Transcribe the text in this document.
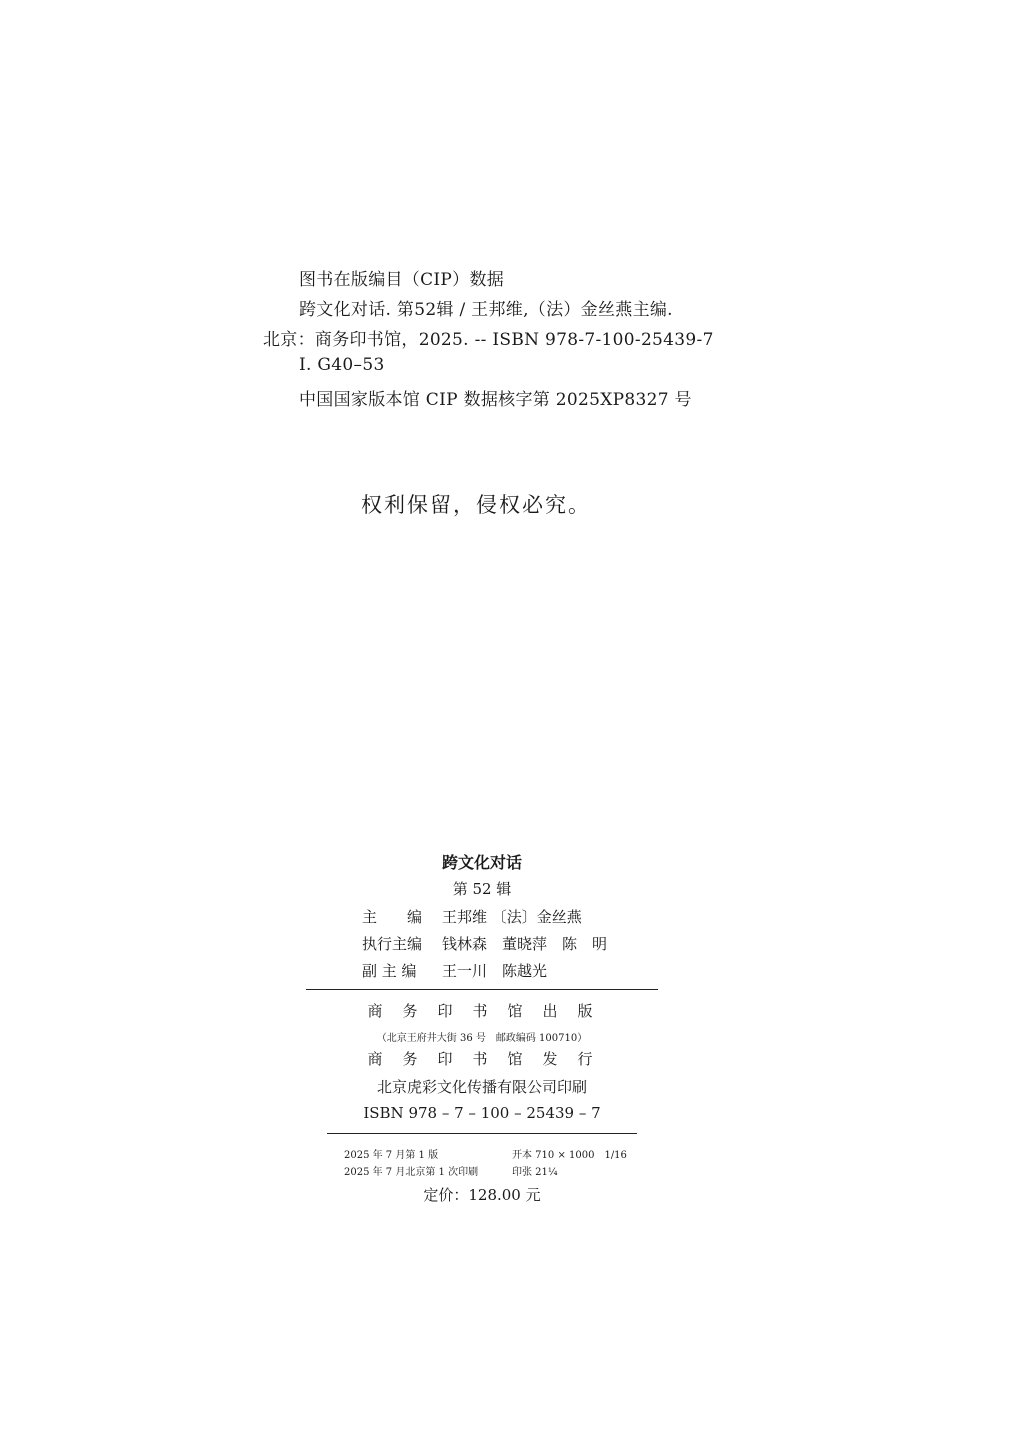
图书在版编目（CIP）数据
跨文化对话. 第52辑 / 王邦维,（法）金丝燕主编.
北京：商务印书馆，2025. -- ISBN 978-7-100-25439-7
Ⅰ. G40–53
中国国家版本馆 CIP 数据核字第 2025XP8327 号
权利保留，侵权必究。
跨文化对话
第 52 辑
主　　编 王邦维 〔法〕金丝燕
执行主编 钱林森　董晓萍　陈　明
副 主 编 王一川　陈越光
商务印书馆出版
（北京王府井大街 36 号　邮政编码 100710）
商务印书馆发行
北京虎彩文化传播有限公司印刷
ISBN 978 – 7 – 100 – 25439 – 7
2025 年 7 月第 1 版	开本 710 × 1000　1/16
2025 年 7 月北京第 1 次印刷	印张 21¼
定价：128.00 元
